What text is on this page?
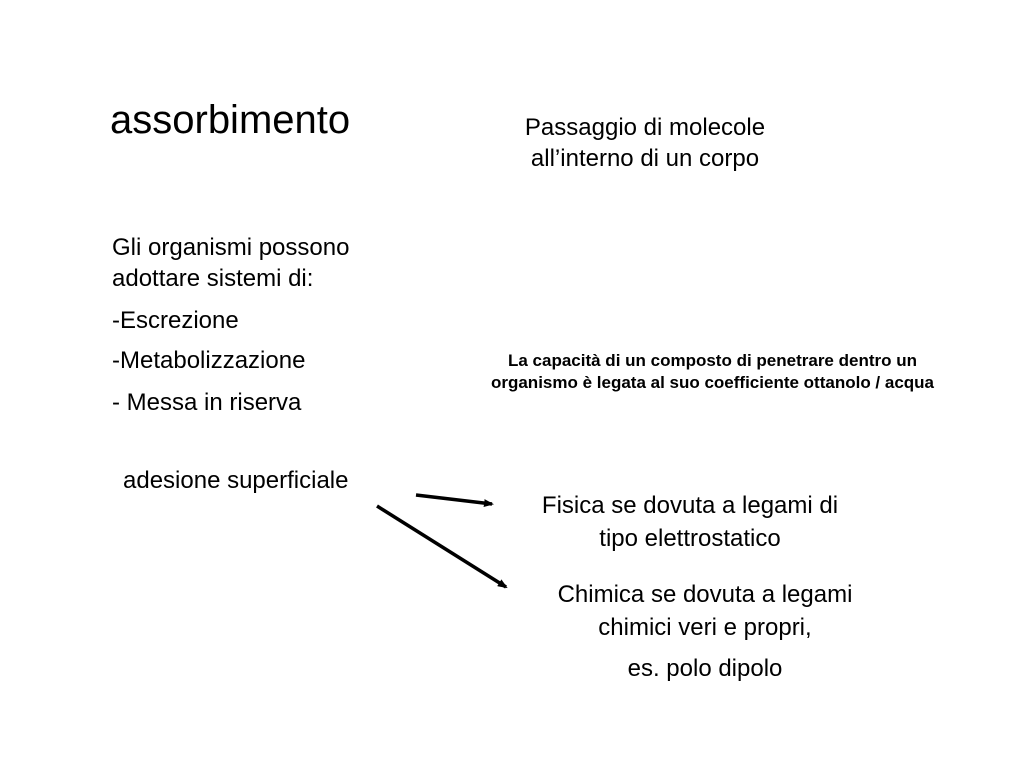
assorbimento	Passaggio di molecole
all’interno di un corpo
Gli organismi possono adottare sistemi di:
-Escrezione
-Metabolizzazione
- Messa in riserva
La capacità di un composto di penetrare dentro un
organismo è legata al suo coefficiente ottanolo / acqua
adesione superficiale
Fisica se dovuta a legami di
tipo elettrostatico
Chimica se dovuta a legami
chimici veri e propri,
es. polo dipolo
